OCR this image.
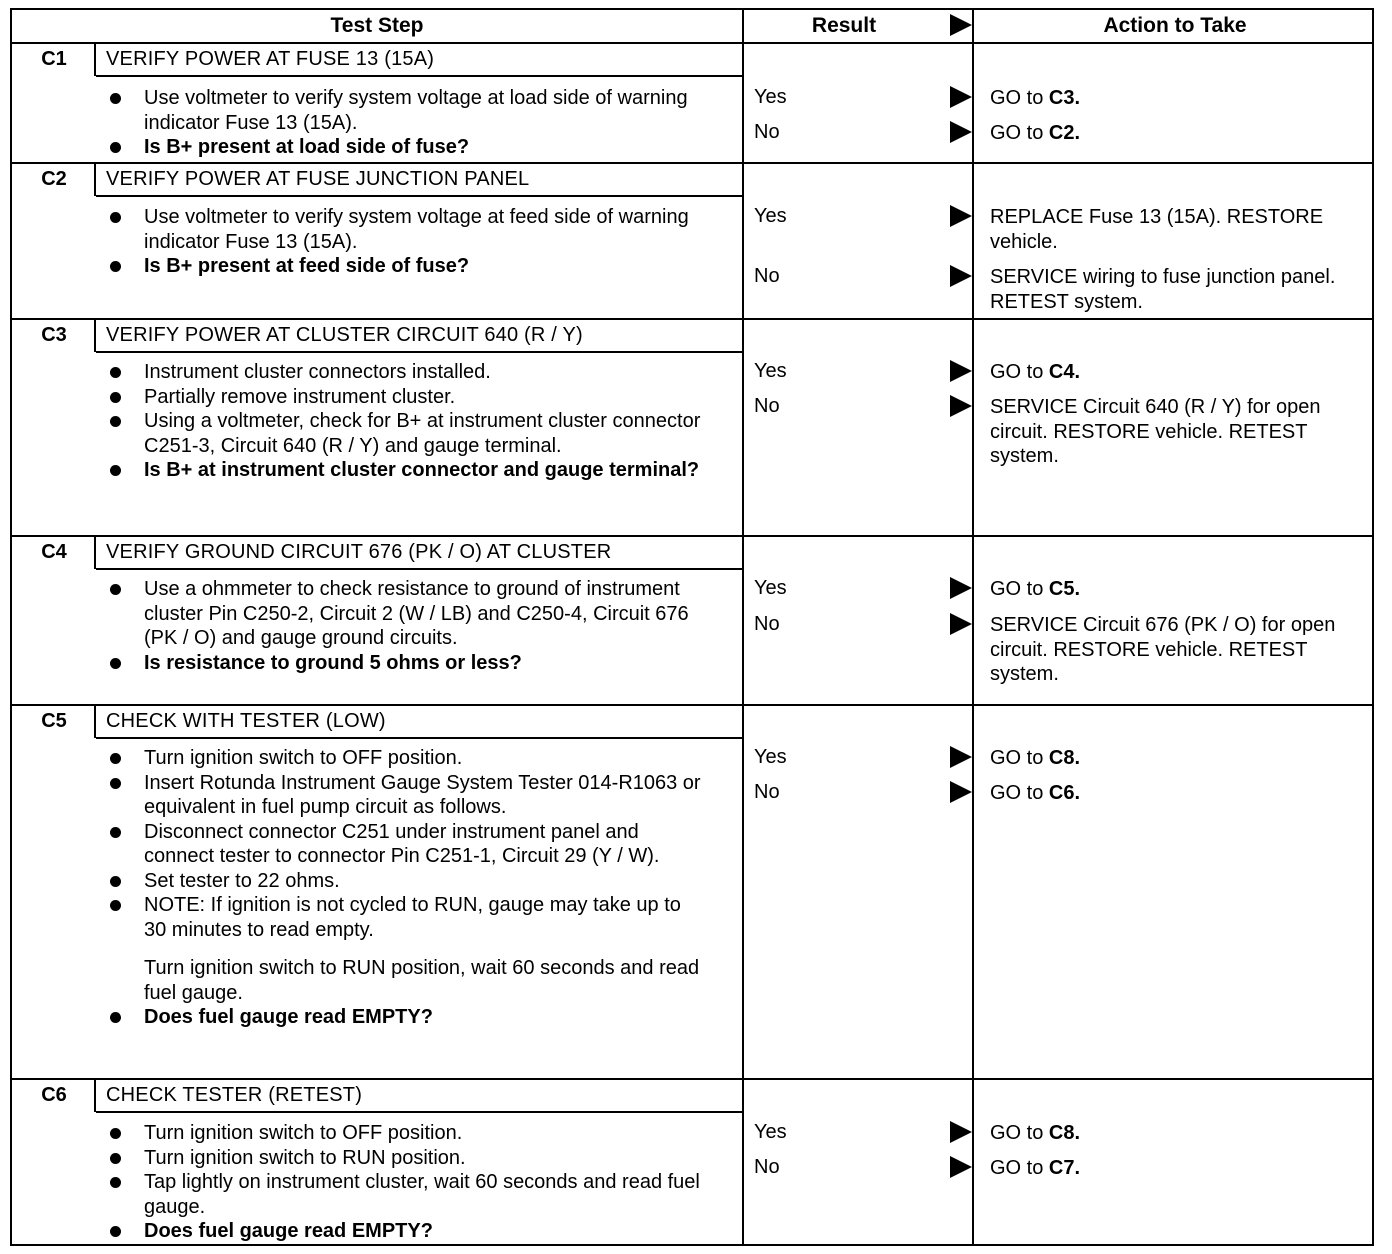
Test Step	Result	Action to Take
C1	VERIFY POWER AT FUSE 13 (15A)
Use voltmeter to verify system voltage at load side of warning indicator Fuse 13 (15A).
Is B+ present at load side of fuse?
Yes	GO to C3.
No	GO to C2.
C2	VERIFY POWER AT FUSE JUNCTION PANEL
Use voltmeter to verify system voltage at feed side of warning indicator Fuse 13 (15A).
Is B+ present at feed side of fuse?
Yes	REPLACE Fuse 13 (15A). RESTORE vehicle.
No	SERVICE wiring to fuse junction panel. RETEST system.
C3	VERIFY POWER AT CLUSTER CIRCUIT 640 (R / Y)
Instrument cluster connectors installed.
Partially remove instrument cluster.
Using a voltmeter, check for B+ at instrument cluster connector C251-3, Circuit 640 (R / Y) and gauge terminal.
Is B+ at instrument cluster connector and gauge terminal?
Yes	GO to C4.
No	SERVICE Circuit 640 (R / Y) for open circuit. RESTORE vehicle. RETEST system.
C4	VERIFY GROUND CIRCUIT 676 (PK / O) AT CLUSTER
Use a ohmmeter to check resistance to ground of instrument cluster Pin C250-2, Circuit 2 (W / LB) and C250-4, Circuit 676 (PK / O) and gauge ground circuits.
Is resistance to ground 5 ohms or less?
Yes	GO to C5.
No	SERVICE Circuit 676 (PK / O) for open circuit. RESTORE vehicle. RETEST system.
C5	CHECK WITH TESTER (LOW)
Turn ignition switch to OFF position.
Insert Rotunda Instrument Gauge System Tester 014-R1063 or equivalent in fuel pump circuit as follows.
Disconnect connector C251 under instrument panel and connect tester to connector Pin C251-1, Circuit 29 (Y / W).
Set tester to 22 ohms.
NOTE: If ignition is not cycled to RUN, gauge may take up to 30 minutes to read empty.
Turn ignition switch to RUN position, wait 60 seconds and read fuel gauge.
Does fuel gauge read EMPTY?
Yes	GO to C8.
No	GO to C6.
C6	CHECK TESTER (RETEST)
Turn ignition switch to OFF position.
Turn ignition switch to RUN position.
Tap lightly on instrument cluster, wait 60 seconds and read fuel gauge.
Does fuel gauge read EMPTY?
Yes	GO to C8.
No	GO to C7.
